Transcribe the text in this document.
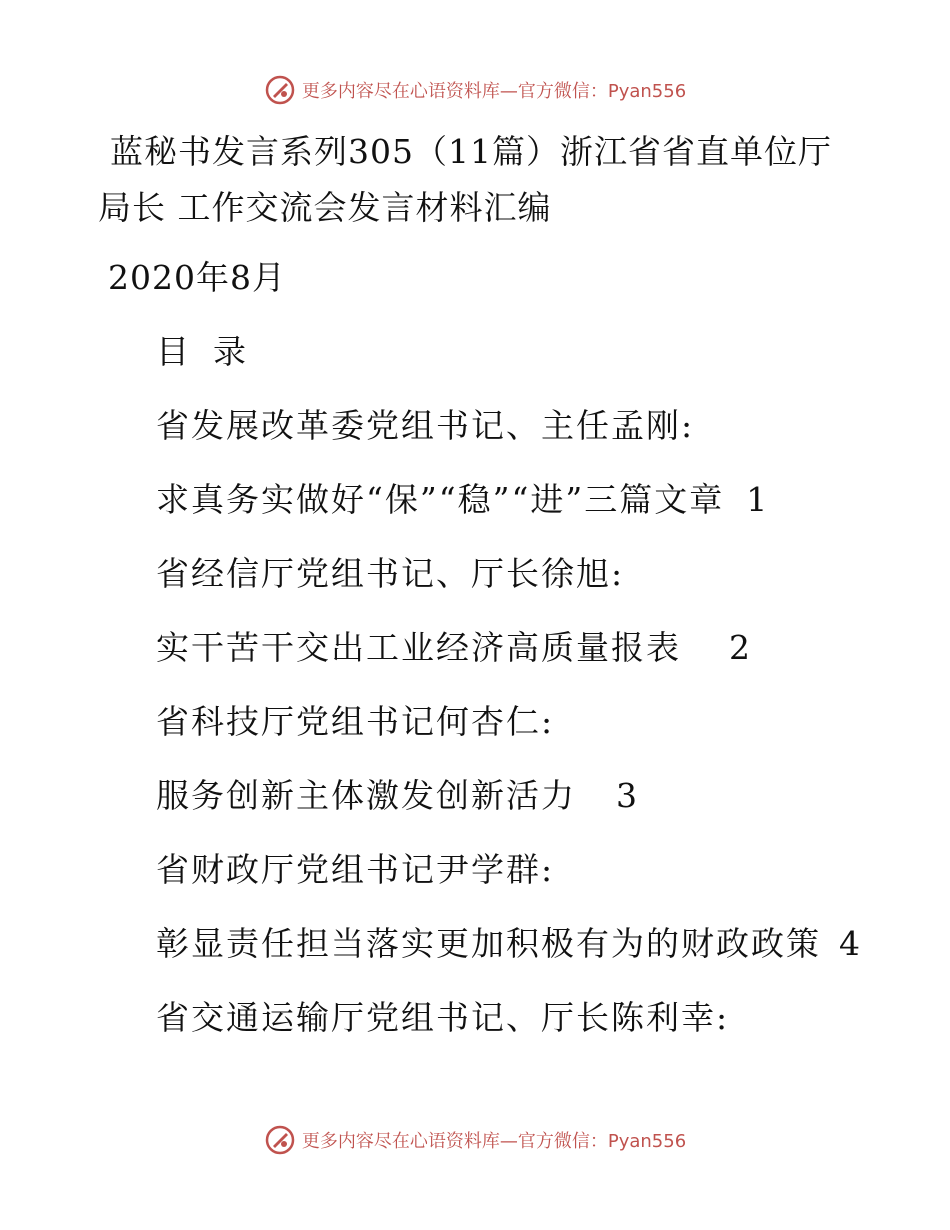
更多内容尽在心语资料库—官方微信：Pyan556
蓝秘书发言系列305（11篇）浙江省省直单位厅局长 工作交流会发言材料汇编

2020年8月

目 录

省发展改革委党组书记、主任孟刚:

求真务实做好“保”“稳”“进”三篇文章 1

省经信厅党组书记、厅长徐旭:

实干苦干交出工业经济高质量报表 2

省科技厅党组书记何杏仁:

服务创新主体激发创新活力 3

省财政厅党组书记尹学群:

彰显责任担当落实更加积极有为的财政政策 4

省交通运输厅党组书记、厅长陈利幸:

更多内容尽在心语资料库—官方微信：Pyan556
